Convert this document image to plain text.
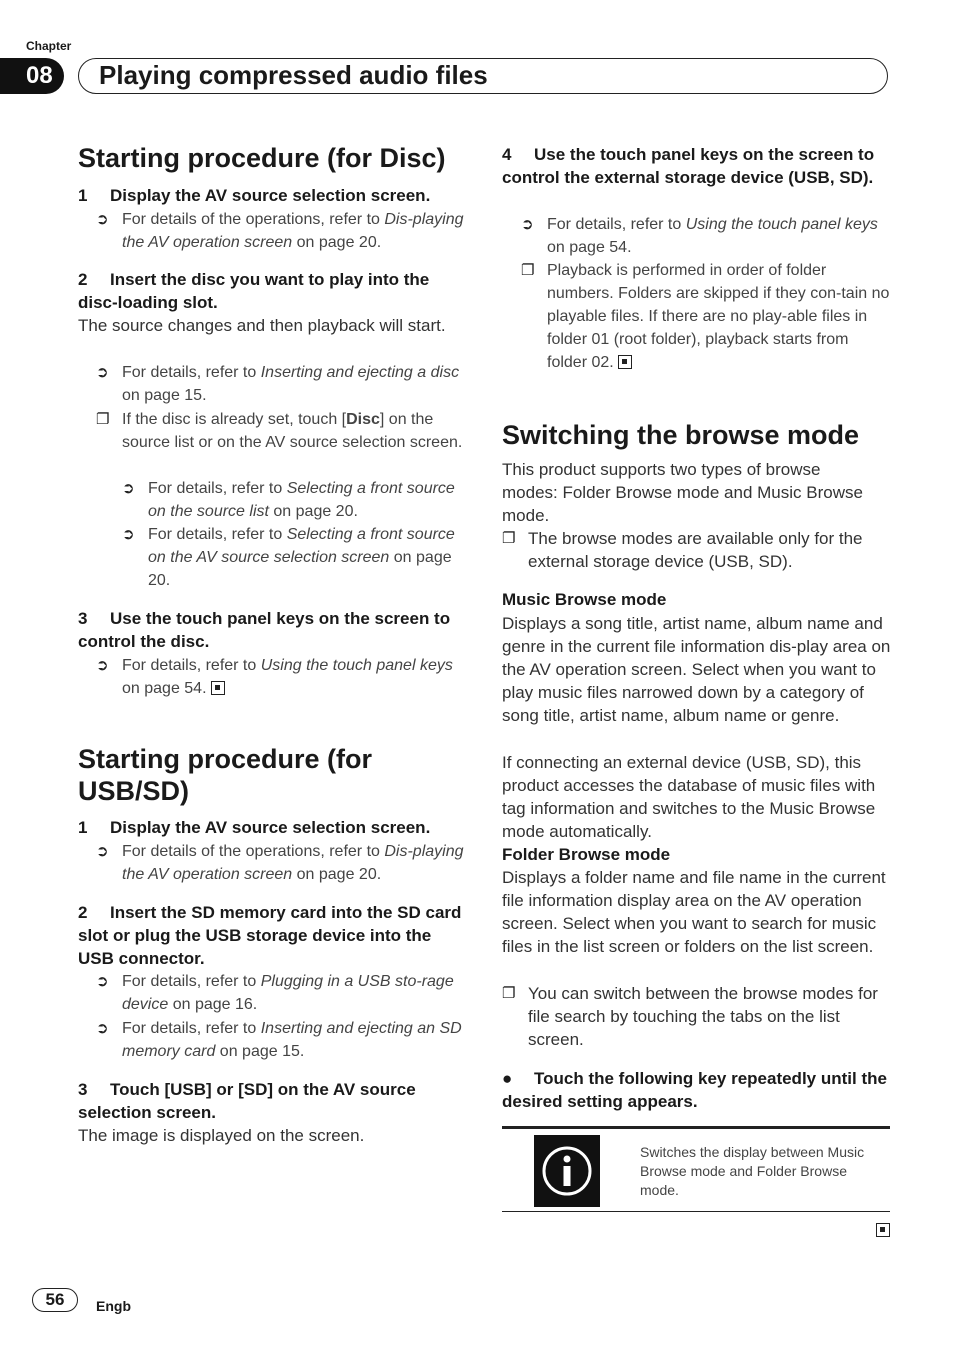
Chapter
08	Playing compressed audio files
Starting procedure (for Disc)
1 Display the AV source selection screen.
➲ For details of the operations, refer to Dis-playing the AV operation screen on page 20.
2 Insert the disc you want to play into the disc-loading slot.
The source changes and then playback will start.
➲ For details, refer to Inserting and ejecting a disc on page 15.
❐ If the disc is already set, touch [Disc] on the source list or on the AV source selection screen.
➲ For details, refer to Selecting a front source on the source list on page 20.
➲ For details, refer to Selecting a front source on the AV source selection screen on page 20.
3 Use the touch panel keys on the screen to control the disc.
➲ For details, refer to Using the touch panel keys on page 54.
Starting procedure (for USB/SD)
1 Display the AV source selection screen.
➲ For details of the operations, refer to Dis-playing the AV operation screen on page 20.
2 Insert the SD memory card into the SD card slot or plug the USB storage device into the USB connector.
➲ For details, refer to Plugging in a USB sto-rage device on page 16.
➲ For details, refer to Inserting and ejecting an SD memory card on page 15.
3 Touch [USB] or [SD] on the AV source selection screen.
The image is displayed on the screen.
4 Use the touch panel keys on the screen to control the external storage device (USB, SD).
➲ For details, refer to Using the touch panel keys on page 54.
❐ Playback is performed in order of folder numbers. Folders are skipped if they con-tain no playable files. If there are no play-able files in folder 01 (root folder), playback starts from folder 02.
Switching the browse mode
This product supports two types of browse modes: Folder Browse mode and Music Browse mode.
❐ The browse modes are available only for the external storage device (USB, SD).
Music Browse mode
Displays a song title, artist name, album name and genre in the current file information dis-play area on the AV operation screen. Select when you want to play music files narrowed down by a category of song title, artist name, album name or genre.
If connecting an external device (USB, SD), this product accesses the database of music files with tag information and switches to the Music Browse mode automatically.
Folder Browse mode
Displays a folder name and file name in the current file information display area on the AV operation screen. Select when you want to search for music files in the list screen or folders on the list screen.
❐ You can switch between the browse modes for file search by touching the tabs on the list screen.
● Touch the following key repeatedly until the desired setting appears.
Switches the display between Music Browse mode and Folder Browse mode.
56	Engb
